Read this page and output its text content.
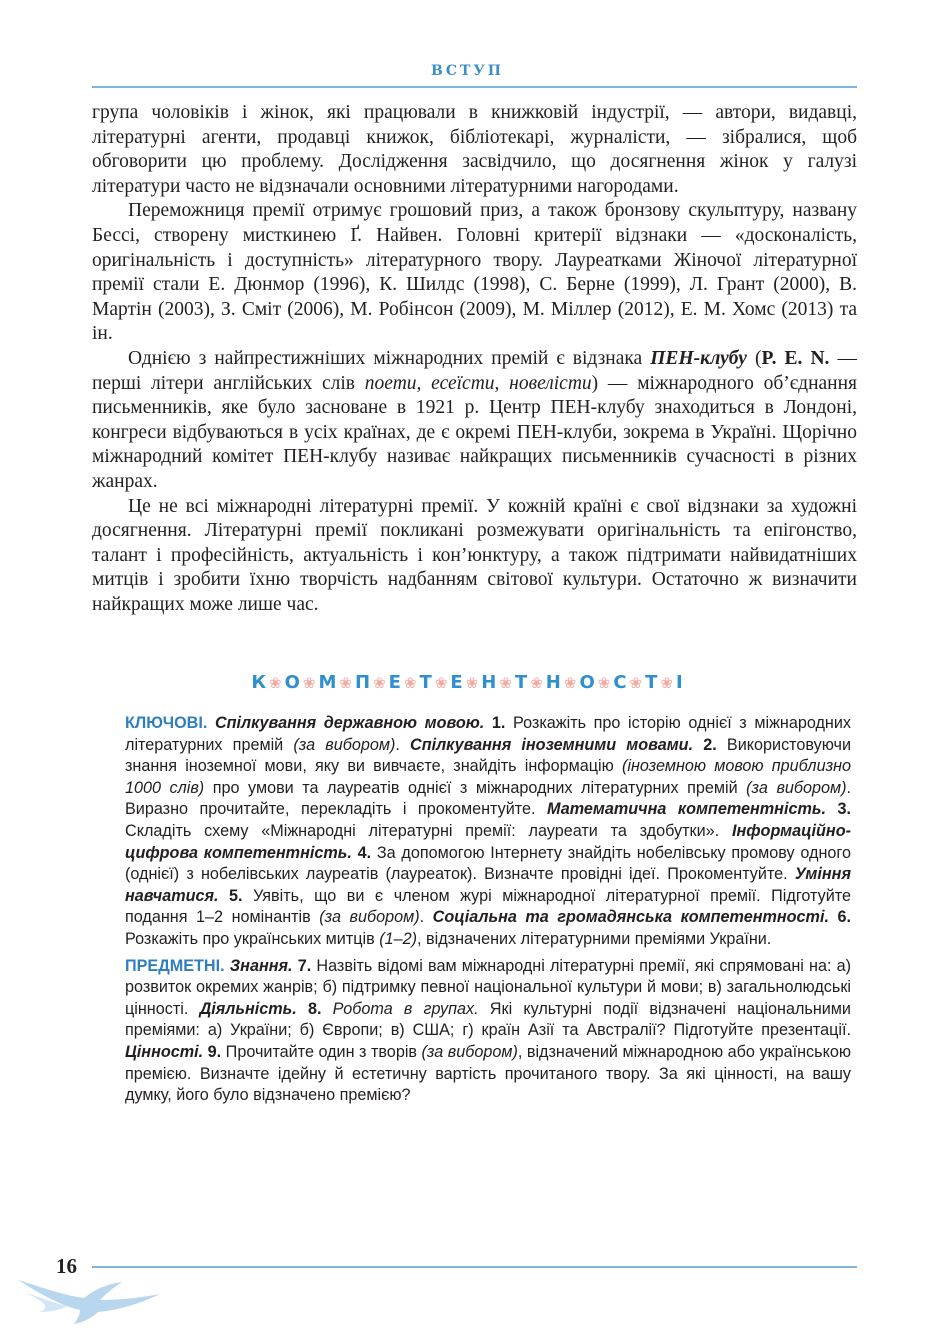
ВСТУП

група чоловіків і жінок, які працювали в книжковій індустрії, — автори, видавці, літературні агенти, продавці книжок, бібліотекарі, журналісти, — зібралися, щоб обговорити цю проблему. Дослідження засвідчило, що досягнення жінок у галузі літератури часто не відзначали основними літературними нагородами.

Переможниця премії отримує грошовий приз, а також бронзову скульптуру, названу Бессі, створену мисткинею Ґ. Найвен. Головні критерії відзнаки — «досконалість, оригінальність і доступність» літературного твору. Лауреатками Жіночої літературної премії стали Е. Дюнмор (1996), К. Шилдс (1998), С. Берне (1999), Л. Грант (2000), В. Мартін (2003), З. Сміт (2006), М. Робінсон (2009), М. Міллер (2012), Е. М. Хомс (2013) та ін.

Однією з найпрестижніших міжнародних премій є відзнака ПЕН-клубу (P. E. N. — перші літери англійських слів поети, есеїсти, новелісти) — міжнародного об’єднання письменників, яке було засноване в 1921 р. Центр ПЕН-клубу знаходиться в Лондоні, конгреси відбуваються в усіх країнах, де є окремі ПЕН-клуби, зокрема в Україні. Щорічно міжнародний комітет ПЕН-клубу називає найкращих письменників сучасності в різних жанрах.

Це не всі міжнародні літературні премії. У кожній країні є свої відзнаки за художні досягнення. Літературні премії покликані розмежувати оригінальність та епігонство, талант і професійність, актуальність і кон’юнктуру, а також підтримати найвидатніших митців і зробити їхню творчість надбанням світової культури. Остаточно ж визначити найкращих може лише час.

К ❀ О ❀ М ❀ П ❀ Е ❀ Т ❀ Е ❀ Н ❀ Т ❀ Н ❀ О ❀ С ❀ Т ❀ І

КЛЮЧОВІ. Спілкування державною мовою. 1. Розкажіть про історію однієї з міжнародних літературних премій (за вибором). Спілкування іноземними мовами. 2. Використовуючи знання іноземної мови, яку ви вивчаєте, знайдіть інформацію (іноземною мовою приблизно 1000 слів) про умови та лауреатів однієї з міжнародних літературних премій (за вибором). Виразно прочитайте, перекладіть і прокоментуйте. Математична компетентність. 3. Складіть схему «Міжнародні літературні премії: лауреати та здобутки». Інформаційно-цифрова компетентність. 4. За допомогою Інтернету знайдіть нобелівську промову одного (однієї) з нобелівських лауреатів (лауреаток). Визначте провідні ідеї. Прокоментуйте. Уміння навчатися. 5. Уявіть, що ви є членом журі міжнародної літературної премії. Підготуйте подання 1–2 номінантів (за вибором). Соціальна та громадянська компетентності. 6. Розкажіть про українських митців (1–2), відзначених літературними преміями України.

ПРЕДМЕТНІ. Знання. 7. Назвіть відомі вам міжнародні літературні премії, які спрямовані на: а) розвиток окремих жанрів; б) підтримку певної національної культури й мови; в) загальнолюдські цінності. Діяльність. 8. Робота в групах. Які культурні події відзначені національними преміями: а) України; б) Європи; в) США; г) країн Азії та Австралії? Підготуйте презентації. Цінності. 9. Прочитайте один з творів (за вибором), відзначений міжнародною або українською премією. Визначте ідейну й естетичну вартість прочитаного твору. За які цінності, на вашу думку, його було відзначено премією?

16
